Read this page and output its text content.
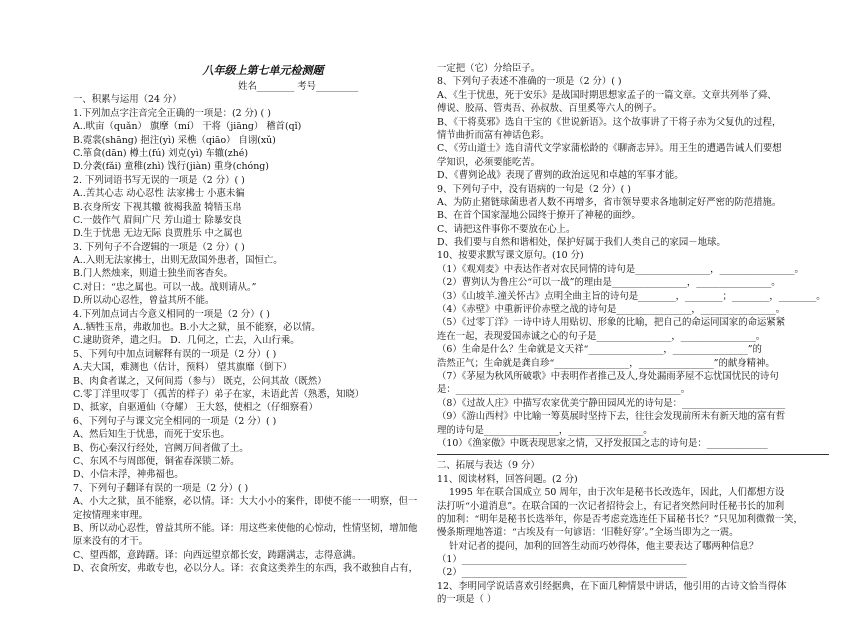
八年级上第七单元检测题
姓名________ 考号_________
一、积累与运用（24 分）
1.下列加点字注音完全正确的一项是：(2 分) ( )
A..畎亩（quǎn） 旗摩（mí） 干将（jiāng） 稽首(qǐ)
B.霓裳(shāng) 挹注(yì) 采樵（qiāo） 自诩(xǔ)
C.箪食(dān) 樽土(fú) 刘克(yì) 车辙(zhé)
D.分袭(fǎi) 童稚(zhì) 饯行(jiàn) 重身(chóng)
2. 下列词语书写无误的一项是（2 分）( )
A..苦其心志 动心忍性 法家拂士 小惠未徧
B.衣身所安 下视其辙 彼褐我盈 犄牾玉帛
C.一鼓作气 眉间广尺 芳山道士 除暴安良
D.生于忧患 无边无际 良贾胜乐 中之属也
3. 下列句子不合逻辑的一项是（2 分）( )
A..入则无法家拂士，出则无敌国外患者，国恒亡。
B.门人然烛来，则道士独坐而客杳矣。
C.对日：“忠之属也。可以一战。战则请从。”
D.所以动心忍性，曾益其所不能。
4.下列加点词古今意义相同的一项是（2 分）( )
A..牺牲玉帛，弗敢加也。B.小大之狱，虽不能察，必以情。
C.逮助资斧，遣之归。 D．几何之，亡去，入山行乘。
5、下列句中加点词解释有误的一项是（2 分）( )
A.夫大国，难测也（估计，预料） 望其旗靡（倒下）
B、肉食者谋之，又何间焉（参与） 既克，公问其故（既然）
C.零丁洋里叹零丁（孤苦的样子）弟子在家，未语此苦（熟悉，知晓）
D、抵家，自驱遁仙（夺耀） 王大怒，使相之（仔细察看）
6、下列句子与课文完全相同的一项是（2 分）( )
A、然后知生于忧患，而死于安乐也。
B、伤心秦汉行经处，宫阙万间者做了土。
C、东风不与周郎便，铜雀春深锁二娇。
D、小信未浮，神弗福也。
7、下列句子翻译有误的一项是（2 分）( )
A、小大之狱，虽不能察，必以情。译：大大小小的案件，即使不能一一明察，但一
定按情理来审理。
B、所以动心忍性，曾益其所不能。译：用这些来使他的心惊动，性情坚韧，增加他
原来没有的才干。
C、望西都，意踌躇。译：向西远望京都长安，踌躇满志，志得意满。
D、衣食所安，弗敢专也，必以分人。译：衣食这类养生的东西，我不敢独自占有，
一定把（它）分给臣子。
8、下列句子表述不准确的一项是（2 分）( )
A、《生于忧患，死于安乐》是战国时期思想家孟子的一篇文章。文章共列举了舜、
傅说、胶鬲、管夷吾、孙叔敖、百里奚等六人的例子。
B、《干将莫邪》选自干宝的《世说新语》。这个故事讲了干将子赤为父复仇的过程，
情节曲折而富有神话色彩。
C、《劳山道士》选自清代文学家蒲松龄的《聊斋志异》。用王生的遭遇告诫人们要想
学知识，必须要能吃苦。
D、《曹刿论战》表现了曹刿的政治远见和卓越的军事才能。
9、下列句子中，没有语病的一句是（2 分）( )
A、为防止猪链球菌患者人数不再增多，省市领导要求各地制定好严密的防范措施。
B、在首个国家湿地公园终于撩开了神秘的面纱。
C、请把这件事你不要放在心上。
D、我们要与自然和谐相处，保护好属于我们人类自己的家园－地球。
10、按要求默写课文原句。(10 分)
（1）《观刈麦》中表达作者对农民同情的诗句是________________，________________。
（2）曹刿认为鲁庄公“可以一战”的理由是________________，________________。
（3）《山坡羊.潼关怀古》点明全曲主旨的诗句是________，________；________，________。
（4）《赤壁》中重新评价赤壁之战的诗句是________________，________________。
（5）《过零丁洋》一诗中诗人用贴切、形象的比喻，把自己的命运同国家的命运紧紧
连在一起，表现爱国赤诚之心的句子是________________，________________。
（6）生命是什么？生命就是文天祥“________________，________________”的
浩然正气；生命就是龚自珍“________________，________________”的献身精神。
（7）《茅屋为秋风所破歌》中表明作者推己及人,身处漏雨茅屋不忘忧国忧民的诗句
是：________________________________________________。
（8）《过故人庄》中描写农家优美宁静田园风光的诗句是：______________________
（9）《游山西村》中比喻一筹莫展时坚持下去，往往会发现前所未有新天地的富有哲
理的诗句是________________，________________。
（10）《渔家傲》中既表现思家之情，又抒发报国之志的诗句是：_____________
二、拓展与表达（9 分）
11、阅读材料，回答问题。(2 分)
1995 年在联合国成立 50 周年，由于次年是秘书长改选年，因此，人们都想方设
法打听“小道消息”。在联合国的一次记者招待会上，有记者突然问时任秘书长的加利
的加利：“明年是秘书长选举年，你是否考虑竞选连任下届秘书长？”只见加利微微一笑，
慢条斯理地答道：“古埃及有一句谚语：‘旧鞋好穿’。”全场当即为之一震。
针对记者的提问，加利的回答生动而巧妙得体，他主要表达了哪两种信息？
（1）________________________________________________
（2）________________________________________________
12、李明同学说话喜欢引经据典，在下面几种情景中讲话，他引用的古诗文恰当得体
的一项是（ ）
